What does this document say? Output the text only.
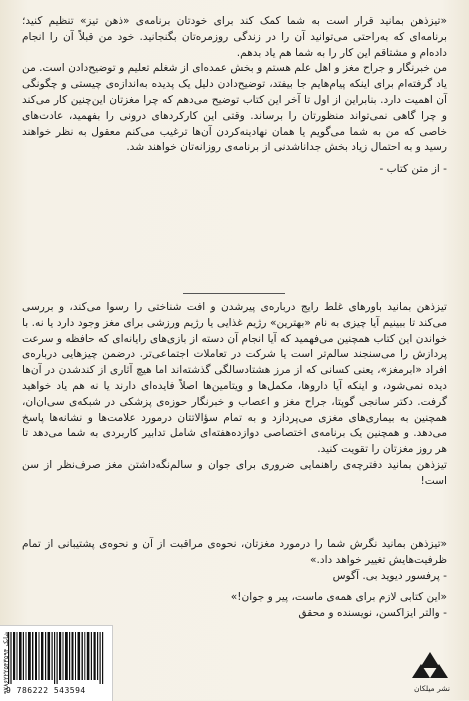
«تیزذهن بمانید قرار است به شما کمک کند برای خودتان برنامه‌ی «ذهن تیز» تنظیم کنید؛ برنامه‌ای که به‌راحتی می‌توانید آن را در زندگی روزمره‌تان بگنجانید. خود من قبلاً آن را انجام داده‌ام و مشتاقم این کار را به شما هم یاد بدهم.

من خبرنگار و جراح مغز و اهل علم هستم و بخش عمده‌ای از شغلم تعلیم و توضیح‌دادن است. من یاد گرفته‌ام برای اینکه پیام‌هایم جا بیفتد، توضیح‌دادن دلیل یک پدیده به‌اندازه‌ی چیستی و چگونگی آن اهمیت دارد. بنابراین از اول تا آخر این کتاب توضیح می‌دهم که چرا مغزتان این‌چنین کار می‌کند و چرا گاهی نمی‌تواند منظورتان را برساند. وقتی این کارکردهای درونی را بفهمید، عادت‌های خاصی که من به شما می‌گویم یا همان نهادینه‌کردن آن‌ها ترغیب می‌کنم معقول به نظر خواهند رسید و به احتمال زیاد بخش جداناشدنی از برنامه‌ی روزانه‌تان خواهند شد.

- از متن کتاب -

تیزذهن بمانید باورهای غلط رایج درباره‌ی پیرشدن و افت شناختی را رسوا می‌کند، و بررسی می‌کند تا ببینیم آیا چیزی به نام «بهترین» رژیم غذایی یا رژیم ورزشی برای مغز وجود دارد یا نه. با خواندن این کتاب همچنین می‌فهمید که آیا انجام آن دسته از بازی‌های رایانه‌ای که حافظه و سرعت پردازش را می‌سنجند سالم‌تر است یا شرکت در تعاملات اجتماعی‌تر. درضمن چیزهایی درباره‌ی افراد «ابرمغز»، یعنی کسانی که از مرز هشتادسالگی گذشته‌اند اما هیچ آثاری از کندشدن در آن‌ها دیده نمی‌شود، و اینکه آیا داروها، مکمل‌ها و ویتامین‌ها اصلاً فایده‌ای دارند یا نه هم یاد خواهید گرفت. دکتر سانجی گوپتا، جراح مغز و اعصاب و خبرنگار حوزه‌ی پزشکی در شبکه‌ی سی‌ان‌ان، همچنین به بیماری‌های مغزی می‌پردازد و به تمام سؤالاتتان درمورد علامت‌ها و نشانه‌ها پاسخ می‌دهد. و همچنین یک برنامه‌ی اختصاصی دوازده‌هفته‌ای شامل تدابیر کاربردی به شما می‌دهد تا هر روز مغزتان را تقویت کنید.

تیزذهن بمانید دفترچه‌ی راهنمایی ضروری برای جوان و سالم‌نگه‌داشتن مغز صرف‌نظر از سن است!

«تیزذهن بمانید نگرش شما را درمورد مغزتان، نحوه‌ی مراقبت از آن و نحوه‌ی پشتیبانی از تمام ظرفیت‌هایش تغییر خواهد داد.»
- پرفسور دیوید بی. آگوس
«این کتابی لازم برای همه‌ی ماست، پیر و جوان!»
- والتر ایزاکسن، نویسنده و محقق
9 786222 543594
شابک ۹۷۸۶۲۲۲۵۴۳۵۹۴
نشر میلکان
